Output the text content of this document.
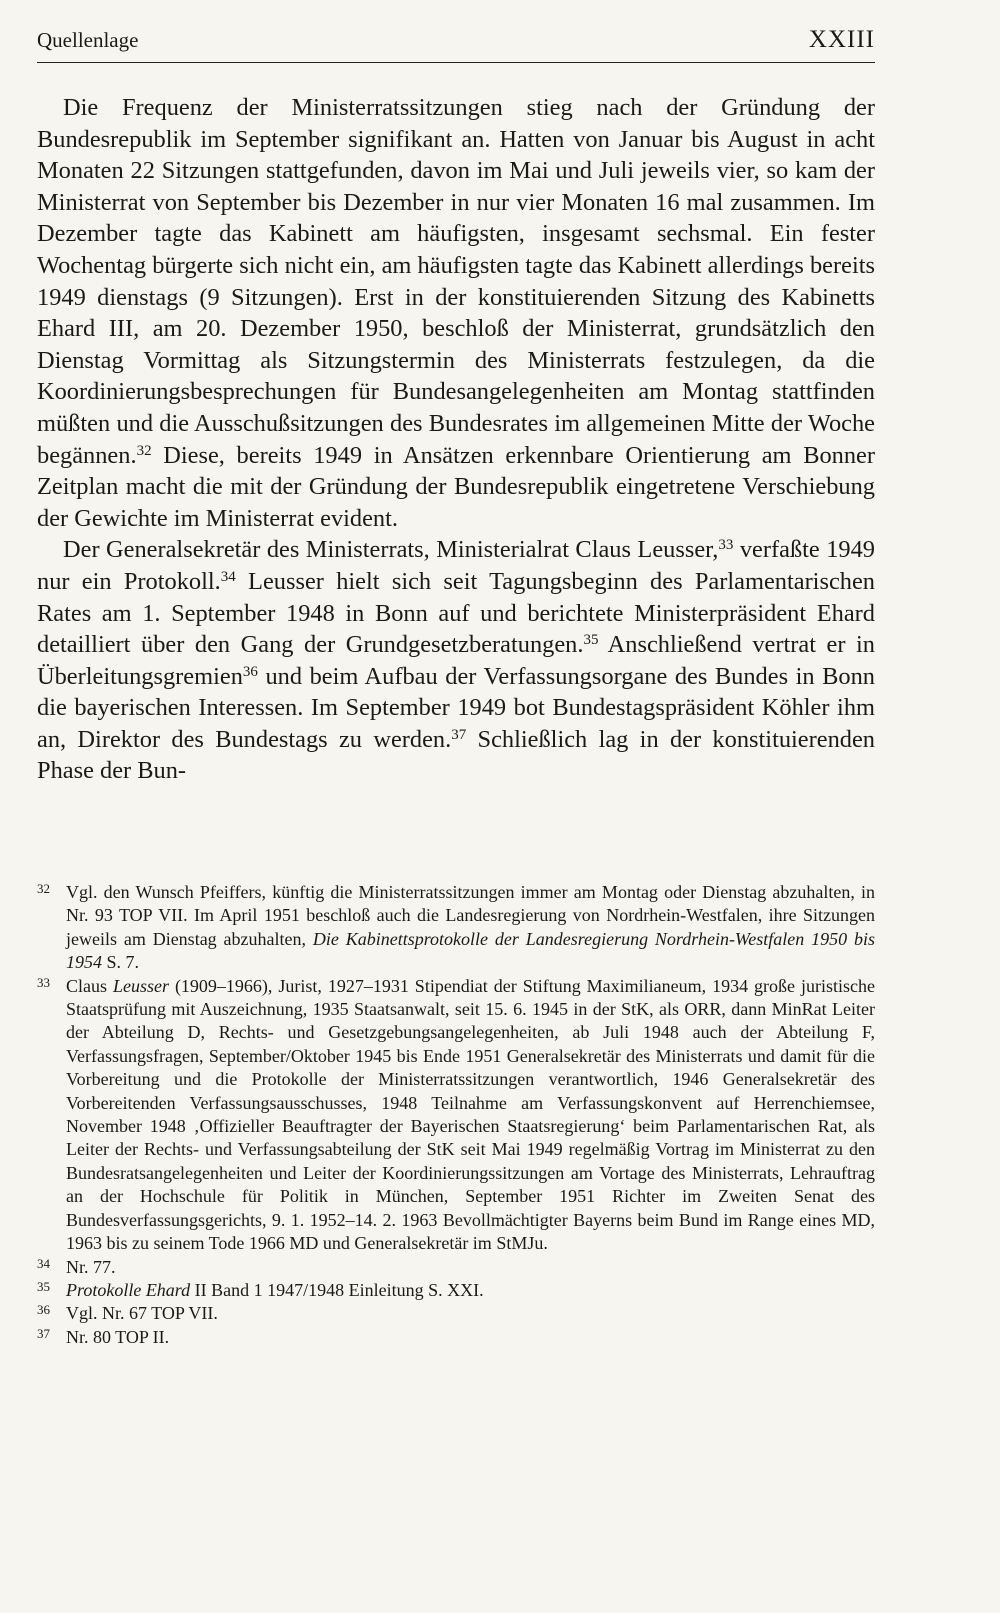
Quellenlage	XXIII

Die Frequenz der Ministerratssitzungen stieg nach der Gründung der Bundesrepublik im September signifikant an. Hatten von Januar bis August in acht Monaten 22 Sitzungen stattgefunden, davon im Mai und Juli jeweils vier, so kam der Ministerrat von September bis Dezember in nur vier Monaten 16 mal zusammen. Im Dezember tagte das Kabinett am häufigsten, insgesamt sechsmal. Ein fester Wochentag bürgerte sich nicht ein, am häufigsten tagte das Kabinett allerdings bereits 1949 dienstags (9 Sitzungen). Erst in der konstituierenden Sitzung des Kabinetts Ehard III, am 20. Dezember 1950, beschloß der Ministerrat, grundsätzlich den Dienstag Vormittag als Sitzungstermin des Ministerrats festzulegen, da die Koordinierungsbesprechungen für Bundesangelegenheiten am Montag stattfinden müßten und die Ausschußsitzungen des Bundesrates im allgemeinen Mitte der Woche begännen.$^{32}$ Diese, bereits 1949 in Ansätzen erkennbare Orientierung am Bonner Zeitplan macht die mit der Gründung der Bundesrepublik eingetretene Verschiebung der Gewichte im Ministerrat evident.

Der Generalsekretär des Ministerrats, Ministerialrat Claus Leusser,$^{33}$ verfaßte 1949 nur ein Protokoll.$^{34}$ Leusser hielt sich seit Tagungsbeginn des Parlamentarischen Rates am 1. September 1948 in Bonn auf und berichtete Ministerpräsident Ehard detailliert über den Gang der Grundgesetzberatungen.$^{35}$ Anschließend vertrat er in Überleitungsgremien$^{36}$ und beim Aufbau der Verfassungsorgane des Bundes in Bonn die bayerischen Interessen. Im September 1949 bot Bundestagspräsident Köhler ihm an, Direktor des Bundestags zu werden.$^{37}$ Schließlich lag in der konstituierenden Phase der Bun-

32 Vgl. den Wunsch Pfeiffers, künftig die Ministerratssitzungen immer am Montag oder Dienstag abzuhalten, in Nr. 93 TOP VII. Im April 1951 beschloß auch die Landesregierung von Nordrhein-Westfalen, ihre Sitzungen jeweils am Dienstag abzuhalten, Die Kabinettsprotokolle der Landesregierung Nordrhein-Westfalen 1950 bis 1954 S. 7.
33 Claus Leusser (1909–1966), Jurist, 1927–1931 Stipendiat der Stiftung Maximilianeum, 1934 große juristische Staatsprüfung mit Auszeichnung, 1935 Staatsanwalt, seit 15. 6. 1945 in der StK, als ORR, dann MinRat Leiter der Abteilung D, Rechts- und Gesetzgebungsangelegenheiten, ab Juli 1948 auch der Abteilung F, Verfassungsfragen, September/Oktober 1945 bis Ende 1951 Generalsekretär des Ministerrats und damit für die Vorbereitung und die Protokolle der Ministerratssitzungen verantwortlich, 1946 Generalsekretär des Vorbereitenden Verfassungsausschusses, 1948 Teilnahme am Verfassungskonvent auf Herrenchiemsee, November 1948 ‚Offizieller Beauftragter der Bayerischen Staatsregierung‘ beim Parlamentarischen Rat, als Leiter der Rechts- und Verfassungsabteilung der StK seit Mai 1949 regelmäßig Vortrag im Ministerrat zu den Bundesratsangelegenheiten und Leiter der Koordinierungssitzungen am Vortage des Ministerrats, Lehrauftrag an der Hochschule für Politik in München, September 1951 Richter im Zweiten Senat des Bundesverfassungsgerichts, 9. 1. 1952–14. 2. 1963 Bevollmächtigter Bayerns beim Bund im Range eines MD, 1963 bis zu seinem Tode 1966 MD und Generalsekretär im StMJu.
34 Nr. 77.
35 Protokolle Ehard II Band 1 1947/1948 Einleitung S. XXI.
36 Vgl. Nr. 67 TOP VII.
37 Nr. 80 TOP II.
